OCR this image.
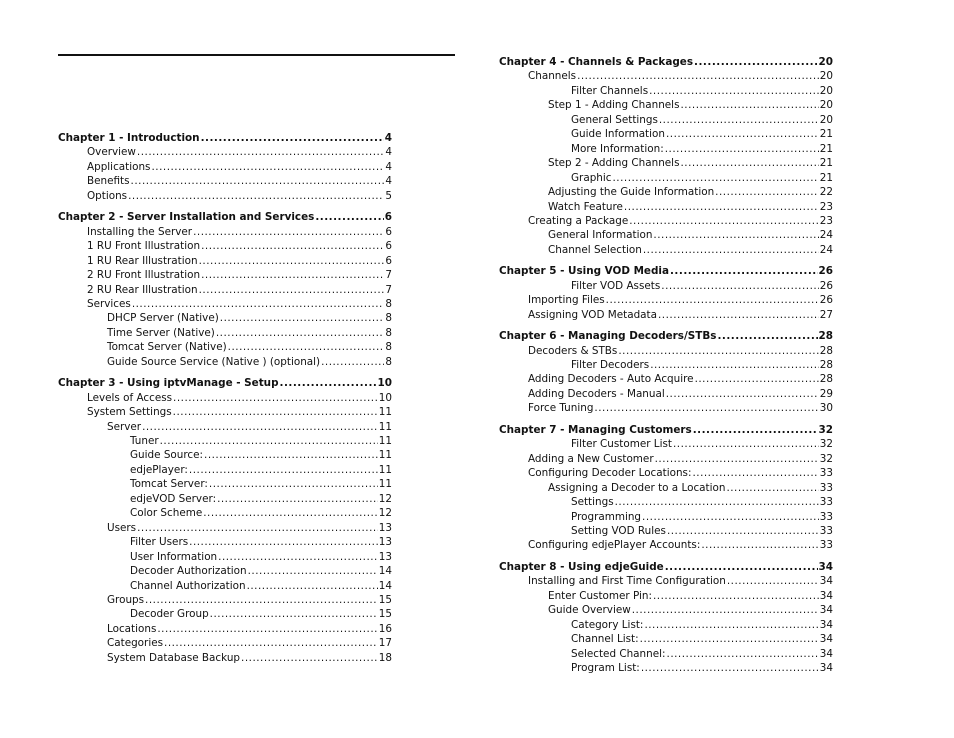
Chapter 1 - Introduction .....	4
Overview .....	4
Applications .....	4
Benefits .....	4
Options .....	5
Chapter 2 - Server Installation and Services .....	6
Installing the Server .....	6
1 RU Front Illustration .....	6
1 RU Rear Illustration .....	6
2 RU Front Illustration .....	7
2 RU Rear Illustration .....	7
Services .....	8
DHCP Server (Native) .....	8
Time Server (Native) .....	8
Tomcat Server (Native) .....	8
Guide Source Service (Native ) (optional) .....	8
Chapter 3 - Using iptvManage - Setup .....	10
Levels of Access .....	10
System Settings .....	11
Server .....	11
Tuner .....	11
Guide Source: .....	11
edjePlayer: .....	11
Tomcat Server: .....	11
edjeVOD Server: .....	12
Color Scheme .....	12
Users .....	13
Filter Users .....	13
User Information .....	13
Decoder Authorization .....	14
Channel Authorization .....	14
Groups .....	15
Decoder Group .....	15
Locations .....	16
Categories .....	17
System Database Backup .....	18
Chapter 4 - Channels & Packages .....	20
Channels .....	20
Filter Channels .....	20
Step 1 - Adding Channels .....	20
General Settings .....	20
Guide Information .....	21
More Information: .....	21
Step 2 - Adding Channels .....	21
Graphic .....	21
Adjusting the Guide Information .....	22
Watch Feature .....	23
Creating a Package .....	23
General Information .....	24
Channel Selection .....	24
Chapter 5 - Using VOD Media .....	26
Filter VOD Assets .....	26
Importing Files .....	26
Assigning VOD Metadata .....	27
Chapter 6 - Managing Decoders/STBs .....	28
Decoders & STBs .....	28
Filter Decoders .....	28
Adding Decoders - Auto Acquire .....	28
Adding Decoders - Manual .....	29
Force Tuning .....	30
Chapter 7 - Managing Customers .....	32
Filter Customer List .....	32
Adding a New Customer .....	32
Configuring Decoder Locations: .....	33
Assigning a Decoder to a Location .....	33
Settings .....	33
Programming .....	33
Setting VOD Rules .....	33
Configuring edjePlayer Accounts: .....	33
Chapter 8 - Using edjeGuide .....	34
Installing and First Time Configuration .....	34
Enter Customer Pin: .....	34
Guide Overview .....	34
Category List: .....	34
Channel List: .....	34
Selected Channel: .....	34
Program List: .....	34
